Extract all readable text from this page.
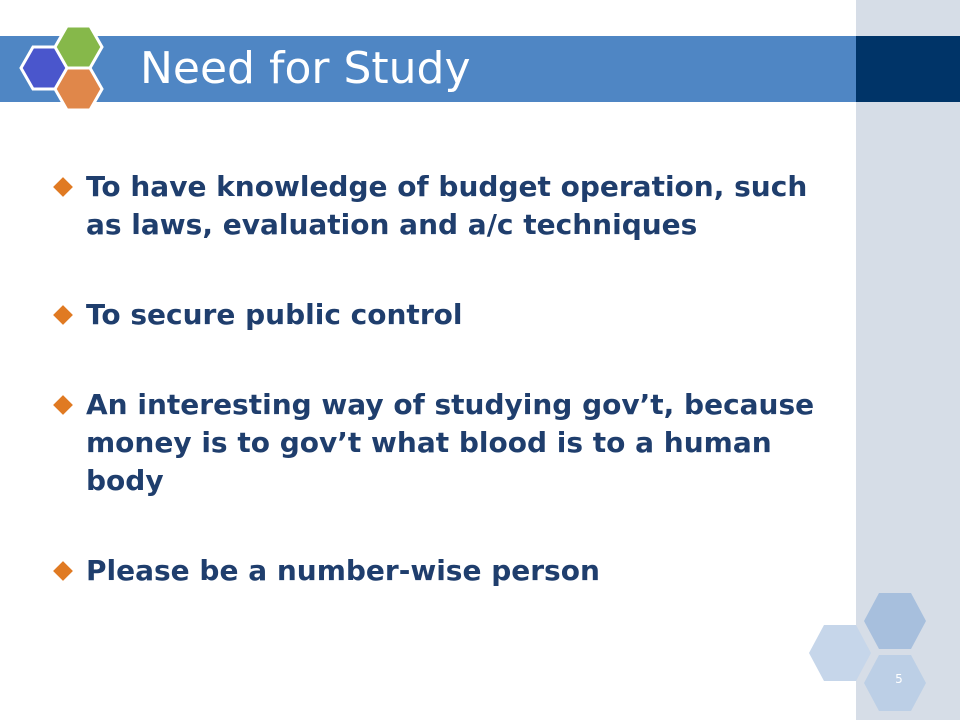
Need for Study
To have knowledge of budget operation, such as laws, evaluation and a/c techniques
To secure public control
An interesting way of studying gov’t, because money is to gov’t what blood is to a human body
Please be a number-wise person
5
